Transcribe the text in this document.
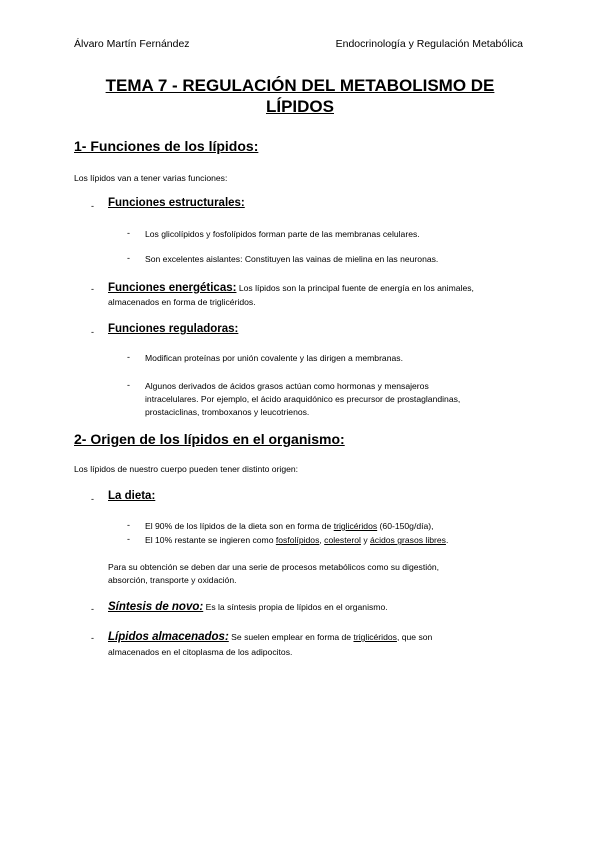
Álvaro Martín Fernández	Endocrinología y Regulación Metabólica
TEMA 7 - REGULACIÓN DEL METABOLISMO DE
LÍPIDOS
1- Funciones de los lípidos:
Los lípidos van a tener varias funciones:
- Funciones estructurales:
- Los glicolípidos y fosfolípidos forman parte de las membranas celulares.
- Son excelentes aislantes: Constituyen las vainas de mielina en las neuronas.
- Funciones energéticas: Los lípidos son la principal fuente de energía en los animales,
almacenados en forma de triglicéridos.
- Funciones reguladoras:
- Modifican proteínas por unión covalente y las dirigen a membranas.
- Algunos derivados de ácidos grasos actúan como hormonas y mensajeros
intracelulares. Por ejemplo, el ácido araquidónico es precursor de prostaglandinas,
prostaciclinas, tromboxanos y leucotrienos.
2- Origen de los lípidos en el organismo:
Los lípidos de nuestro cuerpo pueden tener distinto origen:
- La dieta:
- El 90% de los lípidos de la dieta son en forma de triglicéridos (60-150g/día),
- El 10% restante se ingieren como fosfolípidos, colesterol y ácidos grasos libres.
Para su obtención se deben dar una serie de procesos metabólicos como su digestión,
absorción, transporte y oxidación.
- Síntesis de novo: Es la síntesis propia de lípidos en el organismo.
- Lípidos almacenados: Se suelen emplear en forma de triglicéridos, que son
almacenados en el citoplasma de los adipocitos.
